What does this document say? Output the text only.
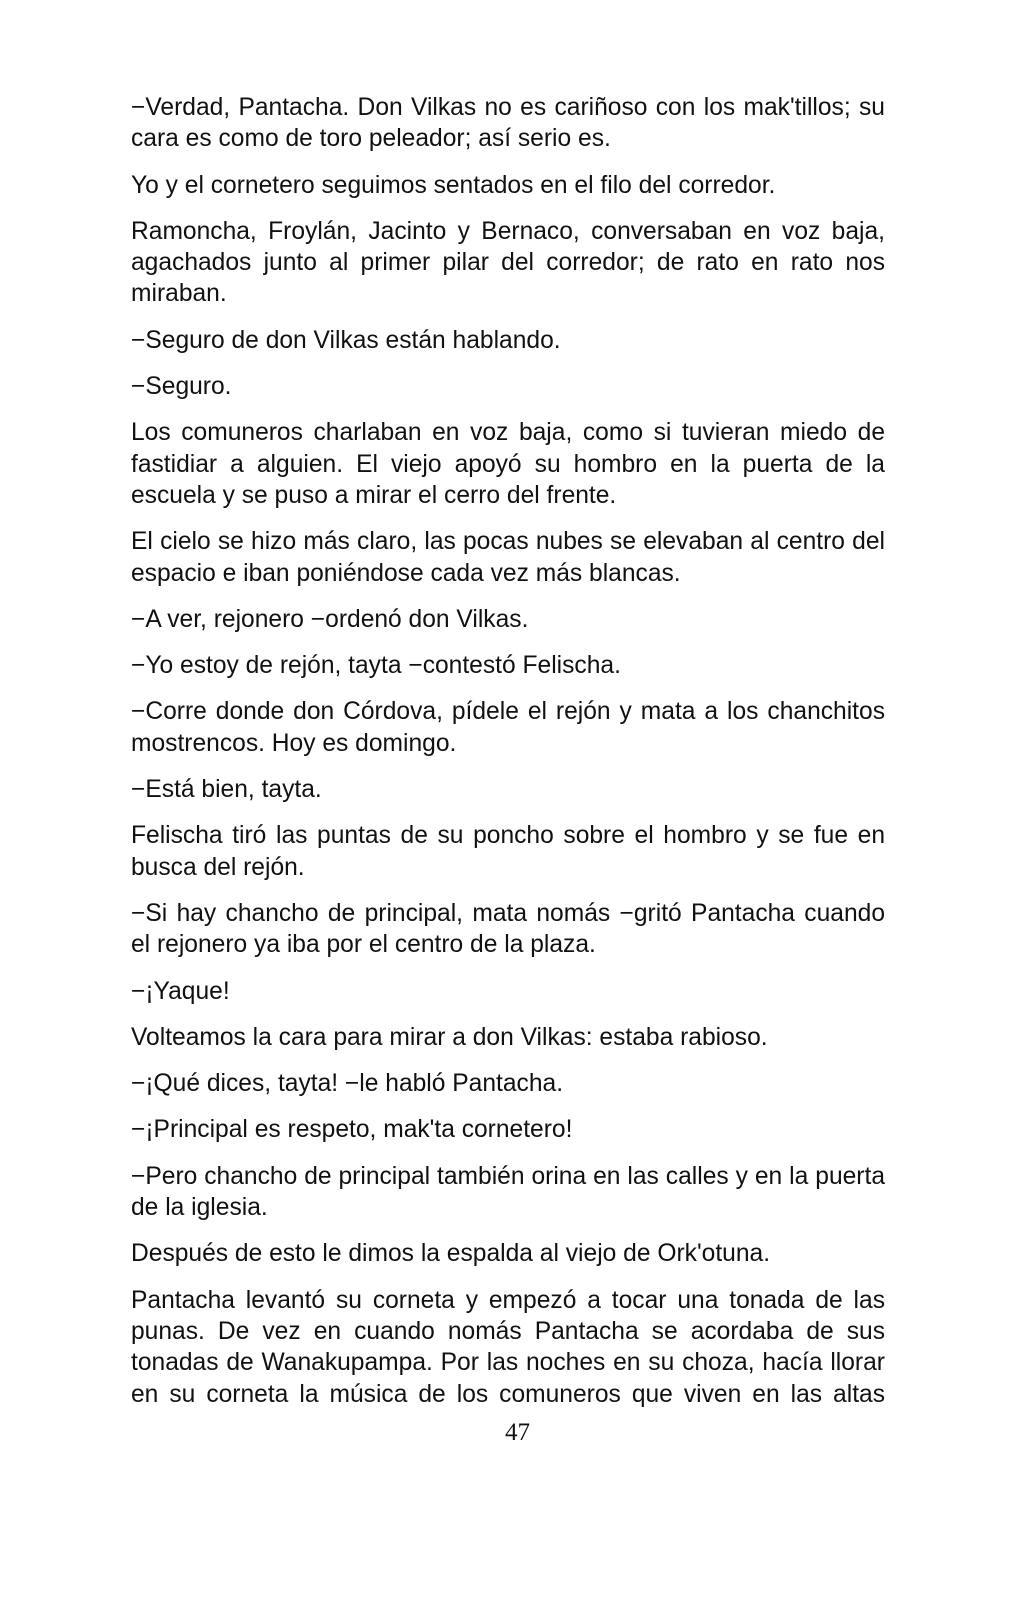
−Verdad, Pantacha. Don Vilkas no es cariñoso con los mak'tillos; su cara es como de toro peleador; así serio es.

Yo y el cornetero seguimos sentados en el filo del corredor.

Ramoncha, Froylán, Jacinto y Bernaco, conversaban en voz baja, agachados junto al primer pilar del corredor; de rato en rato nos miraban.

−Seguro de don Vilkas están hablando.

−Seguro.

Los comuneros charlaban en voz baja, como si tuvieran miedo de fastidiar a alguien. El viejo apoyó su hombro en la puerta de la escuela y se puso a mirar el cerro del frente.

El cielo se hizo más claro, las pocas nubes se elevaban al centro del espacio e iban poniéndose cada vez más blancas.

−A ver, rejonero −ordenó don Vilkas.

−Yo estoy de rejón, tayta −contestó Felischa.

−Corre donde don Córdova, pídele el rejón y mata a los chanchitos mostrencos. Hoy es domingo.

−Está bien, tayta.

Felischa tiró las puntas de su poncho sobre el hombro y se fue en busca del rejón.

−Si hay chancho de principal, mata nomás −gritó Pantacha cuando el rejonero ya iba por el centro de la plaza.

−¡Yaque!

Volteamos la cara para mirar a don Vilkas: estaba rabioso.

−¡Qué dices, tayta! −le habló Pantacha.

−¡Principal es respeto, mak'ta cornetero!

−Pero chancho de principal también orina en las calles y en la puerta de la iglesia.

Después de esto le dimos la espalda al viejo de Ork'otuna.

Pantacha levantó su corneta y empezó a tocar una tonada de las punas. De vez en cuando nomás Pantacha se acordaba de sus tonadas de Wanakupampa. Por las noches en su choza, hacía llorar en su corneta la música de los comuneros que viven en las altas

47
